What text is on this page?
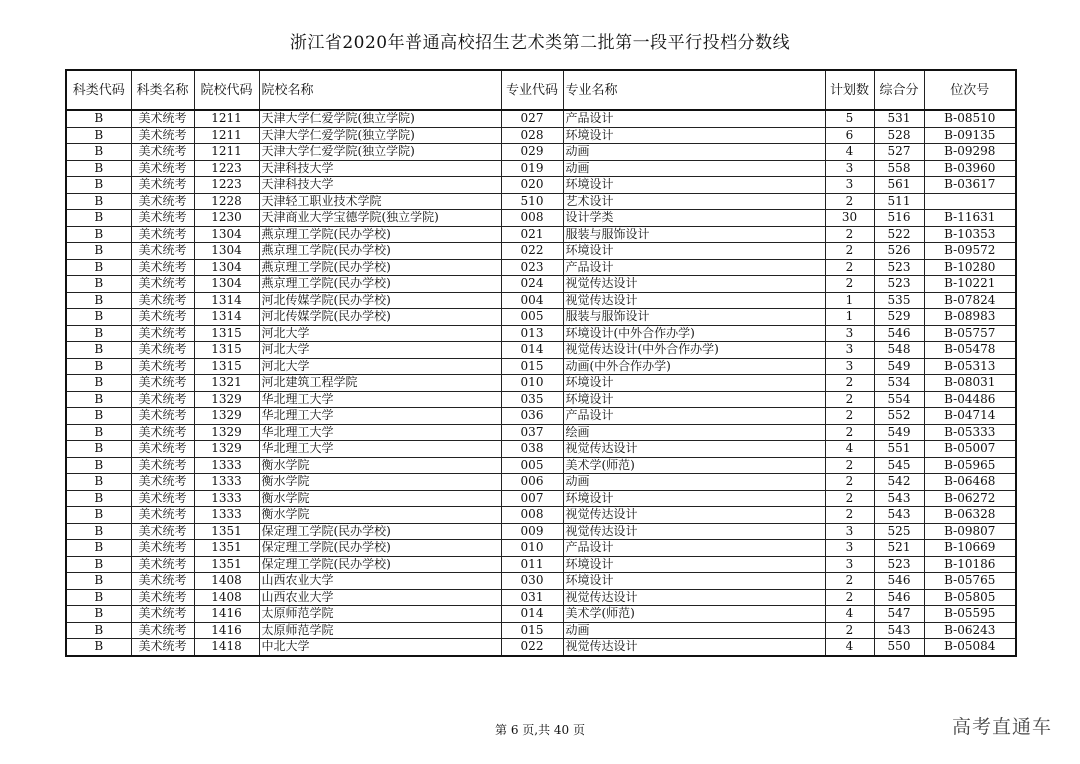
浙江省2020年普通高校招生艺术类第二批第一段平行投档分数线
科类代码	科类名称	院校代码	院校名称	专业代码	专业名称	计划数	综合分	位次号
B	美术统考	1211	天津大学仁爱学院(独立学院)	027	产品设计	5	531	B-08510
B	美术统考	1211	天津大学仁爱学院(独立学院)	028	环境设计	6	528	B-09135
B	美术统考	1211	天津大学仁爱学院(独立学院)	029	动画	4	527	B-09298
B	美术统考	1223	天津科技大学	019	动画	3	558	B-03960
B	美术统考	1223	天津科技大学	020	环境设计	3	561	B-03617
B	美术统考	1228	天津轻工职业技术学院	510	艺术设计	2	511	
B	美术统考	1230	天津商业大学宝德学院(独立学院)	008	设计学类	30	516	B-11631
B	美术统考	1304	燕京理工学院(民办学校)	021	服装与服饰设计	2	522	B-10353
B	美术统考	1304	燕京理工学院(民办学校)	022	环境设计	2	526	B-09572
B	美术统考	1304	燕京理工学院(民办学校)	023	产品设计	2	523	B-10280
B	美术统考	1304	燕京理工学院(民办学校)	024	视觉传达设计	2	523	B-10221
B	美术统考	1314	河北传媒学院(民办学校)	004	视觉传达设计	1	535	B-07824
B	美术统考	1314	河北传媒学院(民办学校)	005	服装与服饰设计	1	529	B-08983
B	美术统考	1315	河北大学	013	环境设计(中外合作办学)	3	546	B-05757
B	美术统考	1315	河北大学	014	视觉传达设计(中外合作办学)	3	548	B-05478
B	美术统考	1315	河北大学	015	动画(中外合作办学)	3	549	B-05313
B	美术统考	1321	河北建筑工程学院	010	环境设计	2	534	B-08031
B	美术统考	1329	华北理工大学	035	环境设计	2	554	B-04486
B	美术统考	1329	华北理工大学	036	产品设计	2	552	B-04714
B	美术统考	1329	华北理工大学	037	绘画	2	549	B-05333
B	美术统考	1329	华北理工大学	038	视觉传达设计	4	551	B-05007
B	美术统考	1333	衡水学院	005	美术学(师范)	2	545	B-05965
B	美术统考	1333	衡水学院	006	动画	2	542	B-06468
B	美术统考	1333	衡水学院	007	环境设计	2	543	B-06272
B	美术统考	1333	衡水学院	008	视觉传达设计	2	543	B-06328
B	美术统考	1351	保定理工学院(民办学校)	009	视觉传达设计	3	525	B-09807
B	美术统考	1351	保定理工学院(民办学校)	010	产品设计	3	521	B-10669
B	美术统考	1351	保定理工学院(民办学校)	011	环境设计	3	523	B-10186
B	美术统考	1408	山西农业大学	030	环境设计	2	546	B-05765
B	美术统考	1408	山西农业大学	031	视觉传达设计	2	546	B-05805
B	美术统考	1416	太原师范学院	014	美术学(师范)	4	547	B-05595
B	美术统考	1416	太原师范学院	015	动画	2	543	B-06243
B	美术统考	1418	中北大学	022	视觉传达设计	4	550	B-05084
第 6 页,共 40 页	高考直通车
